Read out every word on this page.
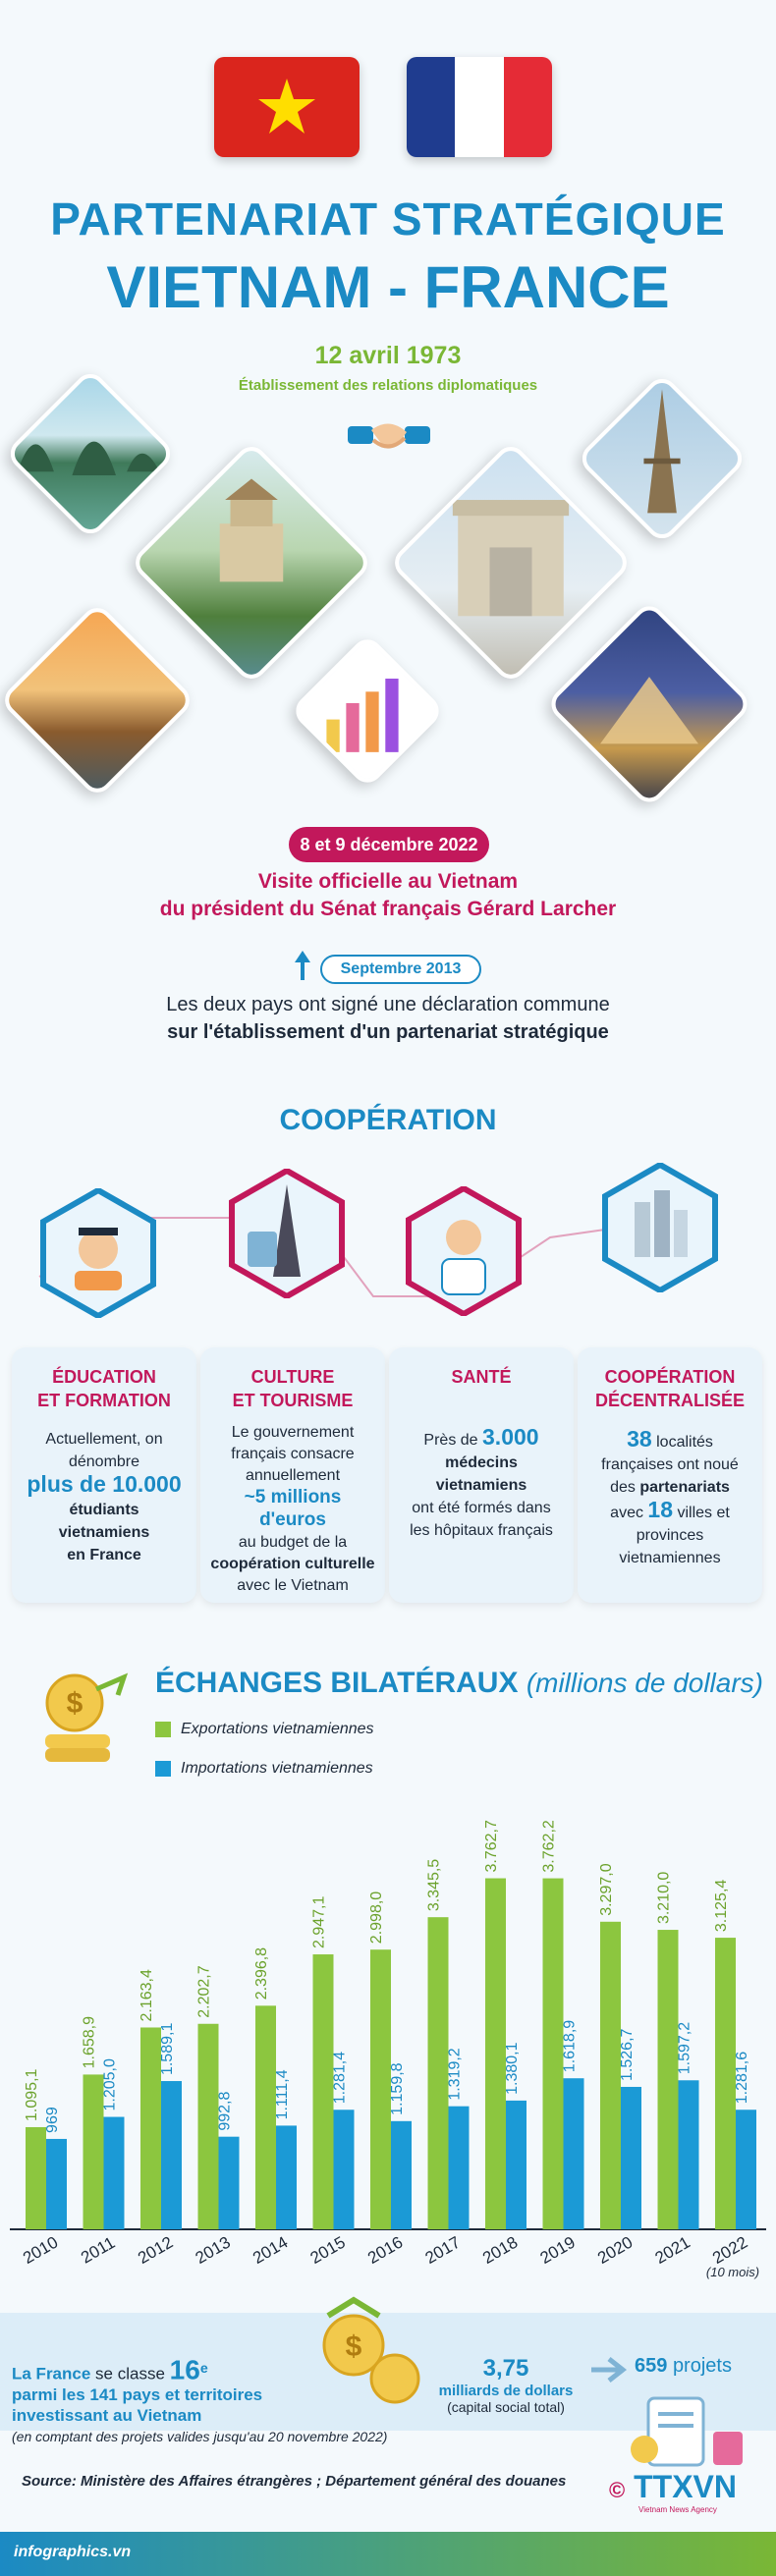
PARTENARIAT STRATÉGIQUE
VIETNAM - FRANCE
12 avril 1973
Établissement des relations diplomatiques
8 et 9 décembre 2022
Visite officielle au Vietnam
du président du Sénat français Gérard Larcher
Septembre 2013
Les deux pays ont signé une déclaration commune
sur l'établissement d'un partenariat stratégique
COOPÉRATION
ÉDUCATION
ET FORMATION

Actuellement, on
dénombre
plus de 10.000
étudiants
vietnamiens
en France

CULTURE
ET TOURISME

Le gouvernement
français consacre
annuellement
~5 millions d'euros
au budget de la
coopération culturelle
avec le Vietnam

SANTÉ

Près de 3.000
médecins
vietnamiens
ont été formés dans
les hôpitaux français

COOPÉRATION
DÉCENTRALISÉE

38 localités
françaises ont noué
des partenariats
avec 18 villes et
provinces
vietnamiennes

$
ÉCHANGES BILATÉRAUX (millions de dollars)
Exportations vietnamiennes
Importations vietnamiennes
1.095,1 969
2010
1.658,9
1.205,0
2011
2.163,4
1.589,1
2012
2.202,7
992,8
2013
2.396,8
1.111,4
2014
2.947,1
1.281,4
2015
2.998,0
1.159,8
2016
3.345,5
1.319,2
2017
3.762,7
1.380,1
2018
3.762,2
1.618,9
2019
3.297,0
1.526,7
2020
3.210,0
1.597,2
2021
3.125,4
1.281,6
2022
(10 mois)
La France se classe 16e
parmi les 141 pays et territoires
investissant au Vietnam
(en comptant des projets valides jusqu'au 20 novembre 2022)
$
3,75
milliards de dollars
(capital social total)
659 projets
Source: Ministère des Affaires étrangères ; Département général des douanes © TTXVN
Vietnam News Agency
infographics.vn
